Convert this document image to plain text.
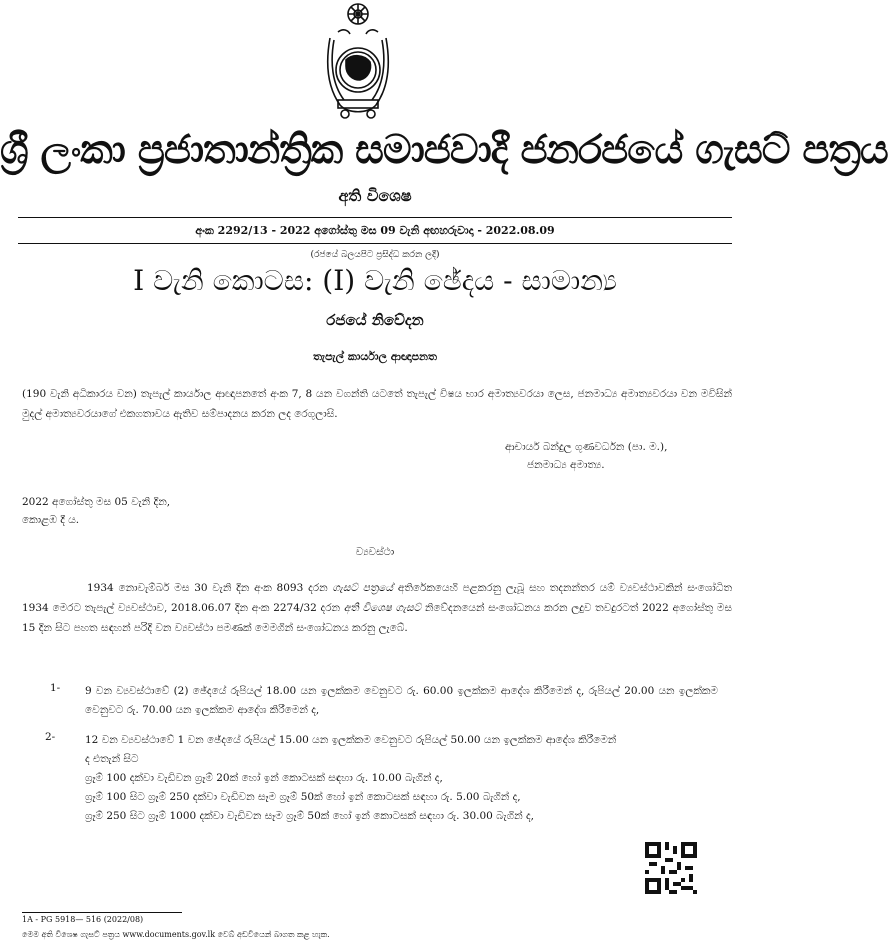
ශ්‍රී ලංකා ප්‍රජාතාන්ත්‍රික සමාජවාදී ජනරජයේ ගැසට් පත්‍රය
අති විශෙෂ
අංක 2292/13 - 2022 අගෝස්තු මස 09 වැනි අඟහරුවාදා - 2022.08.09
(රජයේ බලයපිට ප්‍රසිද්ධ කරන ලදී)
I වැනි කොටස: (I) වැනි ඡේදය - සාමාන්‍ය
රජයේ නිවේදන
තැපැල් කාර්යාල ආඥාපනත
(190 වැනි අධිකාරය වන) තැපැල් කාර්යාල ආඥාපනතේ අංක 7, 8 යන වගන්ති යටතේ තැපැල් විෂය භාර අමාත්‍යවරයා ලෙස, ජනමාධ්‍ය අමාත්‍යවරයා වන මවිසින් මුදල් අමාත්‍යවරයාගේ එකගතාවය ඇතිව සම්පාදනය කරන ලද රෙගුලාසි.
ආචාර්ය බන්දුල ගුණවර්ධන (පා. ම.),
ජනමාධ්‍ය අමාත්‍ය.
2022 අගෝස්තු මස 05 වැනි දින,
කොළඹ දී ය.
ව්‍යවස්ථා
1934 නොවැම්බර් මස 30 වැනි දින අංක 8093 දරන ගැසට් පත්‍රයේ අතිරේකයෙහි පළකරනු ලැබූ සහ තදනන්තර යම් ව්‍යවස්ථාවකින් සංශෝධිත 1934 මෙරට තැපැල් ව්‍යවස්ථාව, 2018.06.07 දින අංක 2274/32 දරන අති විශෙෂ ගැසට් නිවේදනයෙන් සංශෝධනය කරන ලදුව තවදුරටත් 2022 අගෝස්තු මස 15 දින සිට පහත සඳහන් පරිදි වන ව්‍යවස්ථා පමණක් මෙමගින් සංශෝධනය කරනු ලැබේ.
1- 9 වන ව්‍යවස්ථාවේ (2) ඡේදයේ රුපියල් 18.00 යන ඉලක්කම වෙනුවට රු. 60.00 ඉලක්කම ආදේශ කිරීමෙන් ද, රුපියල් 20.00 යන ඉලක්කම වෙනුවට රු. 70.00 යන ඉලක්කම ආදේශ කිරීමෙන් ද,
2-	12 වන ව්‍යවස්ථාවේ 1 වන ඡේදයේ රුපියල් 15.00 යන ඉලක්කම වෙනුවට රුපියල් 50.00 යන ඉලක්කම ආදේශ කිරීමෙන්
ද එතැන් සිට
ග්‍රෑම් 100 දක්වා වැඩිවන ග්‍රෑම් 20ක් හෝ ඉන් කොටසක් සඳහා රු. 10.00 බැගින් ද,
ග්‍රෑම් 100 සිට ග්‍රෑම් 250 දක්වා වැඩිවන සෑම ග්‍රෑම් 50ක් හෝ ඉන් කොටසක් සඳහා රු. 5.00 බැගින් ද,
ග්‍රෑම් 250 සිට ග්‍රෑම් 1000 දක්වා වැඩිවන සෑම ග්‍රෑම් 50ක් හෝ ඉන් කොටසක් සඳහා රු. 30.00 බැගින් ද,
1A - PG 5918— 516 (2022/08)
මෙම අති විශෙෂ ගැසට් පත්‍රය www.documents.gov.lk වෙබ් අඩවියෙන් බාගත කළ හැක.
